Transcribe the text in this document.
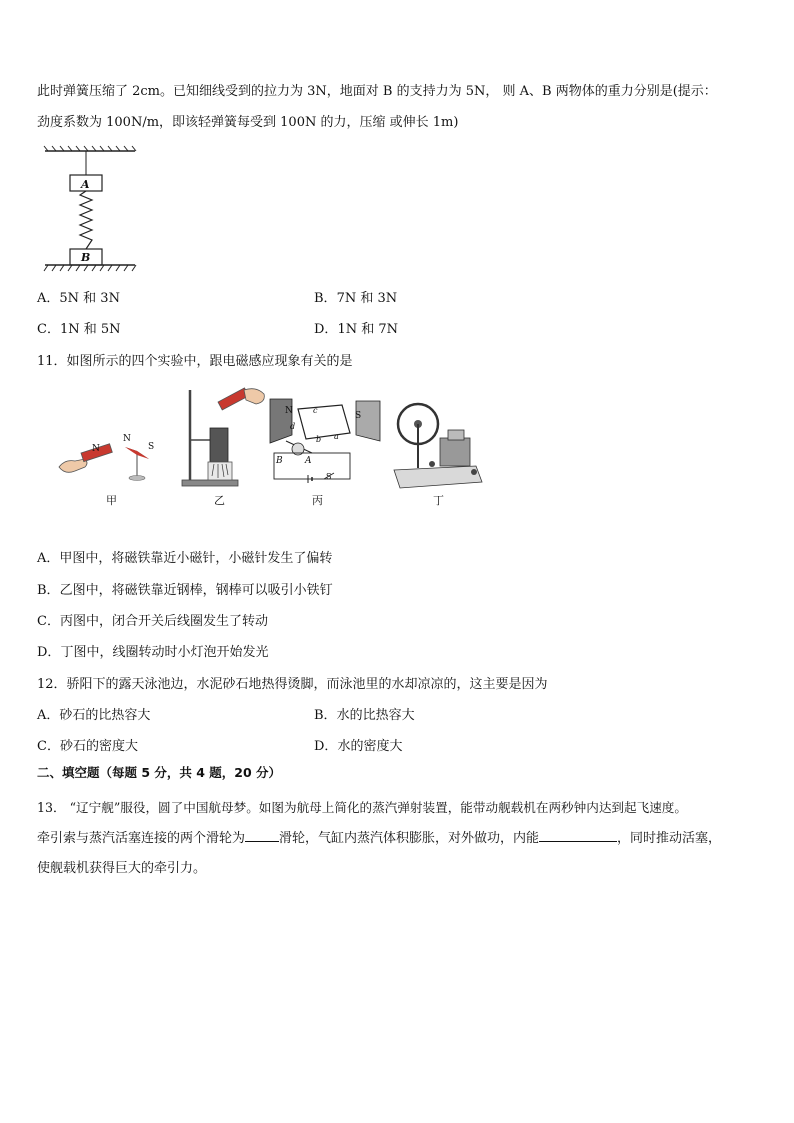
此时弹簧压缩了 2cm。已知细线受到的拉力为 3N，地面对 B 的支持力为 5N， 则 A、B 两物体的重力分别是(提示：
劲度系数为 100N/m，即该轻弹簧每受到 100N 的力，压缩 或伸长 1m)
A
B
A．5N 和 3N	B．7N 和 3N
C．1N 和 5N	D．1N 和 7N
11．如图所示的四个实验中，跟电磁感应现象有关的是
N
N
S
N	S
c
d
a
b
B A
S
甲	乙	丙	丁
A．甲图中，将磁铁靠近小磁针，小磁针发生了偏转
B．乙图中，将磁铁靠近钢棒，钢棒可以吸引小铁钉
C．丙图中，闭合开关后线圈发生了转动
D．丁图中，线圈转动时小灯泡开始发光
12．骄阳下的露天泳池边，水泥砂石地热得烫脚，而泳池里的水却凉凉的，这主要是因为
A．砂石的比热容大	B．水的比热容大
C．砂石的密度大	D．水的密度大
二、填空题（每题 5 分，共 4 题，20 分）
13． “辽宁舰”服役，圆了中国航母梦。如图为航母上简化的蒸汽弹射装置，能带动舰载机在两秒钟内达到起飞速度。
牵引索与蒸汽活塞连接的两个滑轮为	滑轮，气缸内蒸汽体积膨胀，对外做功，内能	，同时推动活塞，
使舰载机获得巨大的牵引力。
